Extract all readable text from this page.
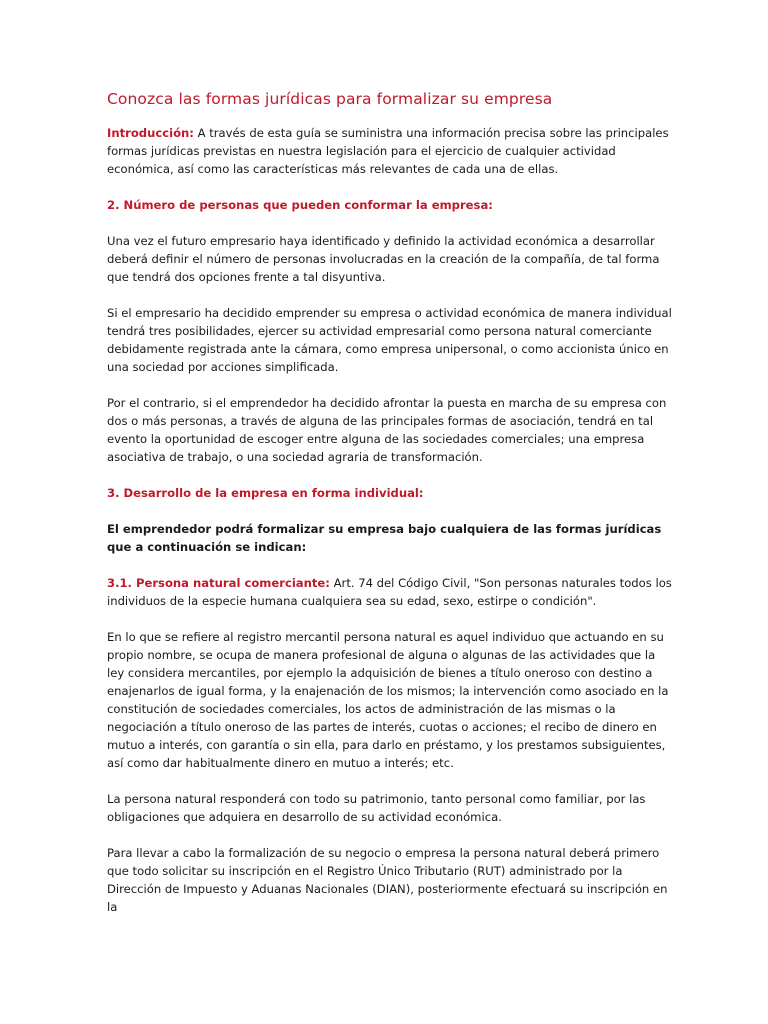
Conozca las formas jurídicas para formalizar su empresa

Introducción: A través de esta guía se suministra una información precisa sobre las principales formas jurídicas previstas en nuestra legislación para el ejercicio de cualquier actividad económica, así como las características más relevantes de cada una de ellas.

2. Número de personas que pueden conformar la empresa:

Una vez el futuro empresario haya identificado y definido la actividad económica a desarrollar deberá definir el número de personas involucradas en la creación de la compañía, de tal forma que tendrá dos opciones frente a tal disyuntiva.

Si el empresario ha decidido emprender su empresa o actividad económica de manera individual tendrá tres posibilidades, ejercer su actividad empresarial como persona natural comerciante debidamente registrada ante la cámara, como empresa unipersonal, o como accionista único en una sociedad por acciones simplificada.

Por el contrario, si el emprendedor ha decidido afrontar la puesta en marcha de su empresa con dos o más personas, a través de alguna de las principales formas de asociación, tendrá en tal evento la oportunidad de escoger entre alguna de las sociedades comerciales; una empresa asociativa de trabajo, o una sociedad agraria de transformación.

3. Desarrollo de la empresa en forma individual:

El emprendedor podrá formalizar su empresa bajo cualquiera de las formas jurídicas que a continuación se indican:

3.1. Persona natural comerciante: Art. 74 del Código Civil, "Son personas naturales todos los individuos de la especie humana cualquiera sea su edad, sexo, estirpe o condición".

En lo que se refiere al registro mercantil persona natural es aquel individuo que actuando en su propio nombre, se ocupa de manera profesional de alguna o algunas de las actividades que la ley considera mercantiles, por ejemplo la adquisición de bienes a título oneroso con destino a enajenarlos de igual forma, y la enajenación de los mismos; la intervención como asociado en la constitución de sociedades comerciales, los actos de administración de las mismas o la negociación a título oneroso de las partes de interés, cuotas o acciones; el recibo de dinero en mutuo a interés, con garantía o sin ella, para darlo en préstamo, y los prestamos subsiguientes, así como dar habitualmente dinero en mutuo a interés; etc.

La persona natural responderá con todo su patrimonio, tanto personal como familiar, por las obligaciones que adquiera en desarrollo de su actividad económica.

Para llevar a cabo la formalización de su negocio o empresa la persona natural deberá primero que todo solicitar su inscripción en el Registro Único Tributario (RUT) administrado por la Dirección de Impuesto y Aduanas Nacionales (DIAN), posteriormente efectuará su inscripción en la
